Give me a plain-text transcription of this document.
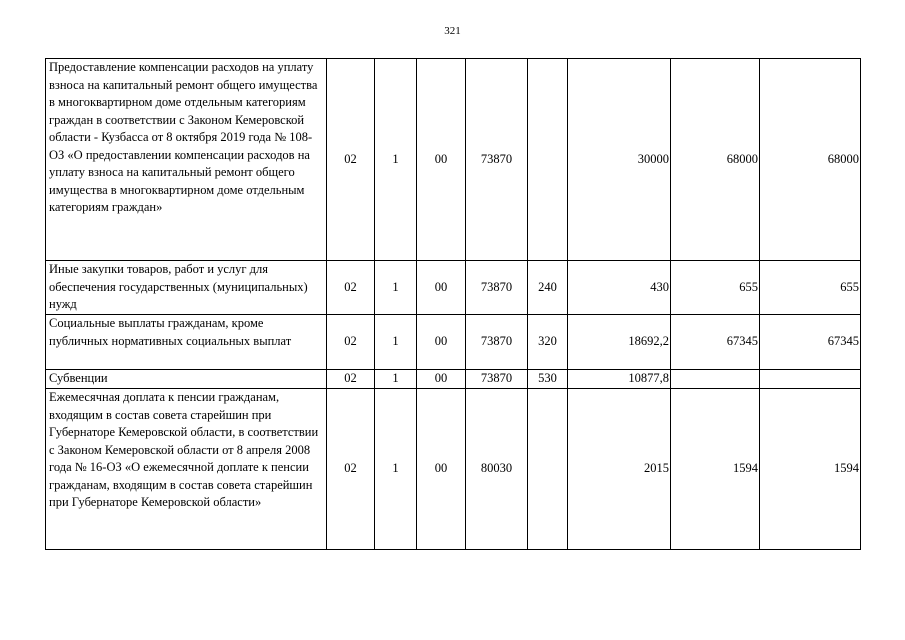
321
Предоставление компенсации расходов на уплату взноса на капитальный ремонт общего имущества в многоквартирном доме отдельным категориям граждан в соответствии с Законом Кемеровской области - Кузбасса от 8 октября 2019 года № 108-ОЗ «О предоставлении компенсации расходов на уплату взноса на капитальный ремонт общего имущества в многоквартирном доме отдельным категориям граждан»	02	1	00	73870		30000	68000	68000
Иные закупки товаров, работ и услуг для обеспечения государственных (муниципальных) нужд	02	1	00	73870	240	430	655	655
Социальные выплаты гражданам, кроме публичных нормативных социальных выплат	02	1	00	73870	320	18692,2	67345	67345
Субвенции	02	1	00	73870	530	10877,8		
Ежемесячная доплата к пенсии гражданам, входящим в состав совета старейшин при Губернаторе Кемеровской области, в соответствии с Законом Кемеровской области от 8 апреля 2008 года № 16-ОЗ «О ежемесячной доплате к пенсии гражданам, входящим в состав совета старейшин при Губернаторе Кемеровской области»	02	1	00	80030		2015	1594	1594
